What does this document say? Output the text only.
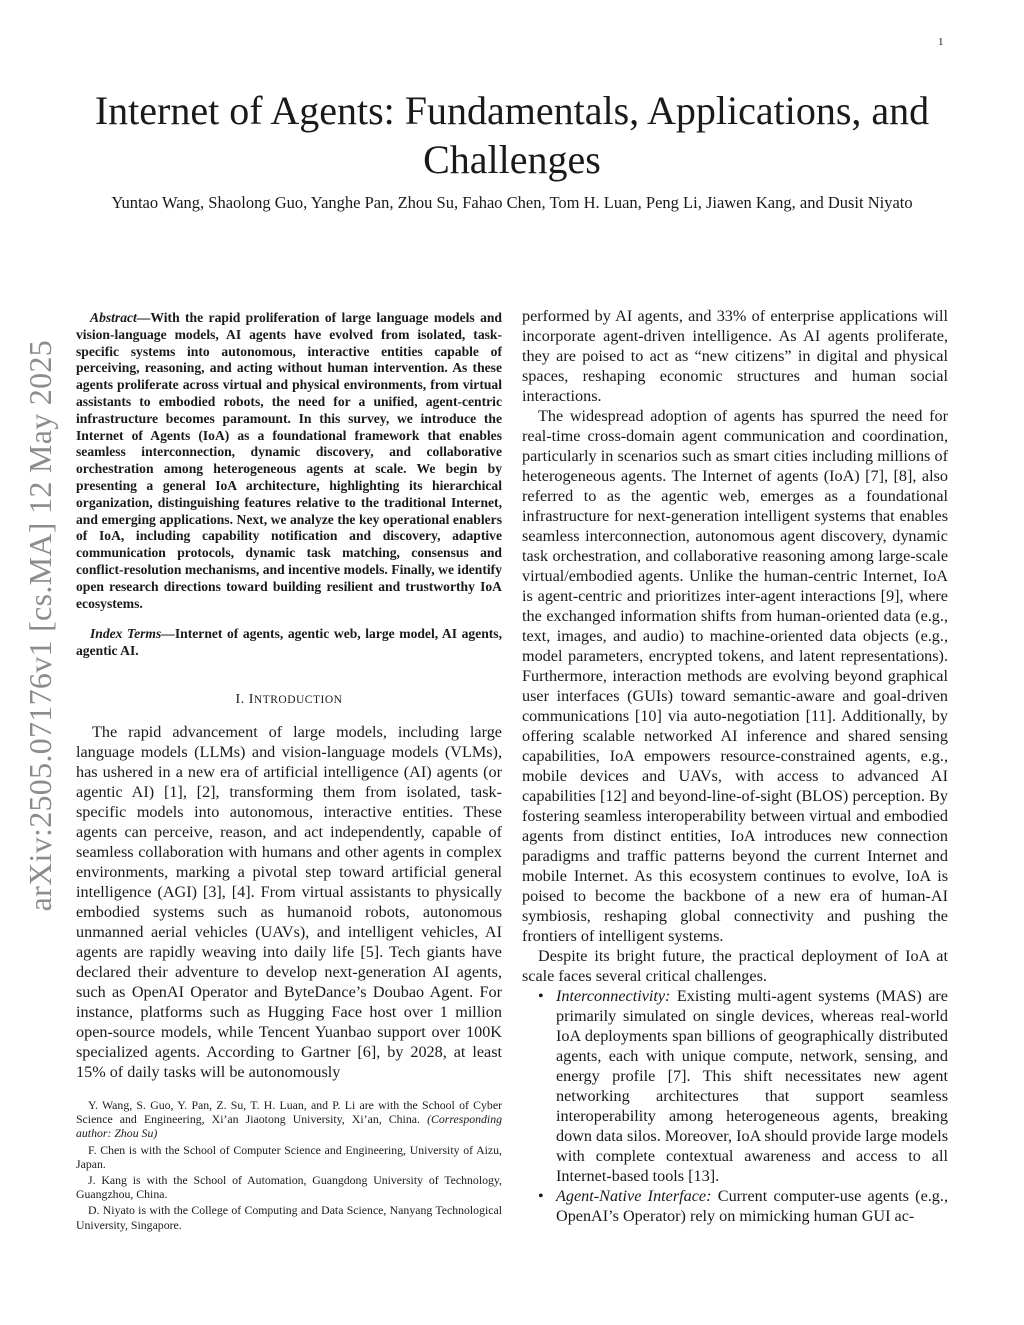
1
arXiv:2505.07176v1 [cs.MA] 12 May 2025
Internet of Agents: Fundamentals, Applications, and Challenges
Yuntao Wang, Shaolong Guo, Yanghe Pan, Zhou Su, Fahao Chen, Tom H. Luan, Peng Li, Jiawen Kang, and Dusit Niyato

Abstract—With the rapid proliferation of large language models and vision-language models, AI agents have evolved from isolated, task-specific systems into autonomous, interactive entities capable of perceiving, reasoning, and acting without human intervention. As these agents proliferate across virtual and physical environments, from virtual assistants to embodied robots, the need for a unified, agent-centric infrastructure becomes paramount. In this survey, we introduce the Internet of Agents (IoA) as a foundational framework that enables seamless interconnection, dynamic discovery, and collaborative orchestration among heterogeneous agents at scale. We begin by presenting a general IoA architecture, highlighting its hierarchical organization, distinguishing features relative to the traditional Internet, and emerging applications. Next, we analyze the key operational enablers of IoA, including capability notification and discovery, adaptive communication protocols, dynamic task matching, consensus and conflict-resolution mechanisms, and incentive models. Finally, we identify open research directions toward building resilient and trustworthy IoA ecosystems.

Index Terms—Internet of agents, agentic web, large model, AI agents, agentic AI.

I. INTRODUCTION

The rapid advancement of large models, including large language models (LLMs) and vision-language models (VLMs), has ushered in a new era of artificial intelligence (AI) agents (or agentic AI) [1], [2], transforming them from isolated, task-specific models into autonomous, interactive entities. These agents can perceive, reason, and act independently, capable of seamless collaboration with humans and other agents in complex environments, marking a pivotal step toward artificial general intelligence (AGI) [3], [4]. From virtual assistants to physically embodied systems such as humanoid robots, autonomous unmanned aerial vehicles (UAVs), and intelligent vehicles, AI agents are rapidly weaving into daily life [5]. Tech giants have declared their adventure to develop next-generation AI agents, such as OpenAI Operator and ByteDance’s Doubao Agent. For instance, platforms such as Hugging Face host over 1 million open-source models, while Tencent Yuanbao support over 100K specialized agents. According to Gartner [6], by 2028, at least 15% of daily tasks will be autonomously

Y. Wang, S. Guo, Y. Pan, Z. Su, T. H. Luan, and P. Li are with the School of Cyber Science and Engineering, Xi’an Jiaotong University, Xi’an, China. (Corresponding author: Zhou Su)

F. Chen is with the School of Computer Science and Engineering, University of Aizu, Japan.

J. Kang is with the School of Automation, Guangdong University of Technology, Guangzhou, China.

D. Niyato is with the College of Computing and Data Science, Nanyang Technological University, Singapore.

performed by AI agents, and 33% of enterprise applications will incorporate agent-driven intelligence. As AI agents proliferate, they are poised to act as “new citizens” in digital and physical spaces, reshaping economic structures and human social interactions.

The widespread adoption of agents has spurred the need for real-time cross-domain agent communication and coordination, particularly in scenarios such as smart cities including millions of heterogeneous agents. The Internet of agents (IoA) [7], [8], also referred to as the agentic web, emerges as a foundational infrastructure for next-generation intelligent systems that enables seamless interconnection, autonomous agent discovery, dynamic task orchestration, and collaborative reasoning among large-scale virtual/embodied agents. Unlike the human-centric Internet, IoA is agent-centric and prioritizes inter-agent interactions [9], where the exchanged information shifts from human-oriented data (e.g., text, images, and audio) to machine-oriented data objects (e.g., model parameters, encrypted tokens, and latent representations). Furthermore, interaction methods are evolving beyond graphical user interfaces (GUIs) toward semantic-aware and goal-driven communications [10] via auto-negotiation [11]. Additionally, by offering scalable networked AI inference and shared sensing capabilities, IoA empowers resource-constrained agents, e.g., mobile devices and UAVs, with access to advanced AI capabilities [12] and beyond-line-of-sight (BLOS) perception. By fostering seamless interoperability between virtual and embodied agents from distinct entities, IoA introduces new connection paradigms and traffic patterns beyond the current Internet and mobile Internet. As this ecosystem continues to evolve, IoA is poised to become the backbone of a new era of human-AI symbiosis, reshaping global connectivity and pushing the frontiers of intelligent systems.

Despite its bright future, the practical deployment of IoA at scale faces several critical challenges.

• Interconnectivity: Existing multi-agent systems (MAS) are primarily simulated on single devices, whereas real-world IoA deployments span billions of geographically distributed agents, each with unique compute, network, sensing, and energy profile [7]. This shift necessitates new agent networking architectures that support seamless interoperability among heterogeneous agents, breaking down data silos. Moreover, IoA should provide large models with complete contextual awareness and access to all Internet-based tools [13].
• Agent-Native Interface: Current computer-use agents (e.g., OpenAI’s Operator) rely on mimicking human GUI ac-
